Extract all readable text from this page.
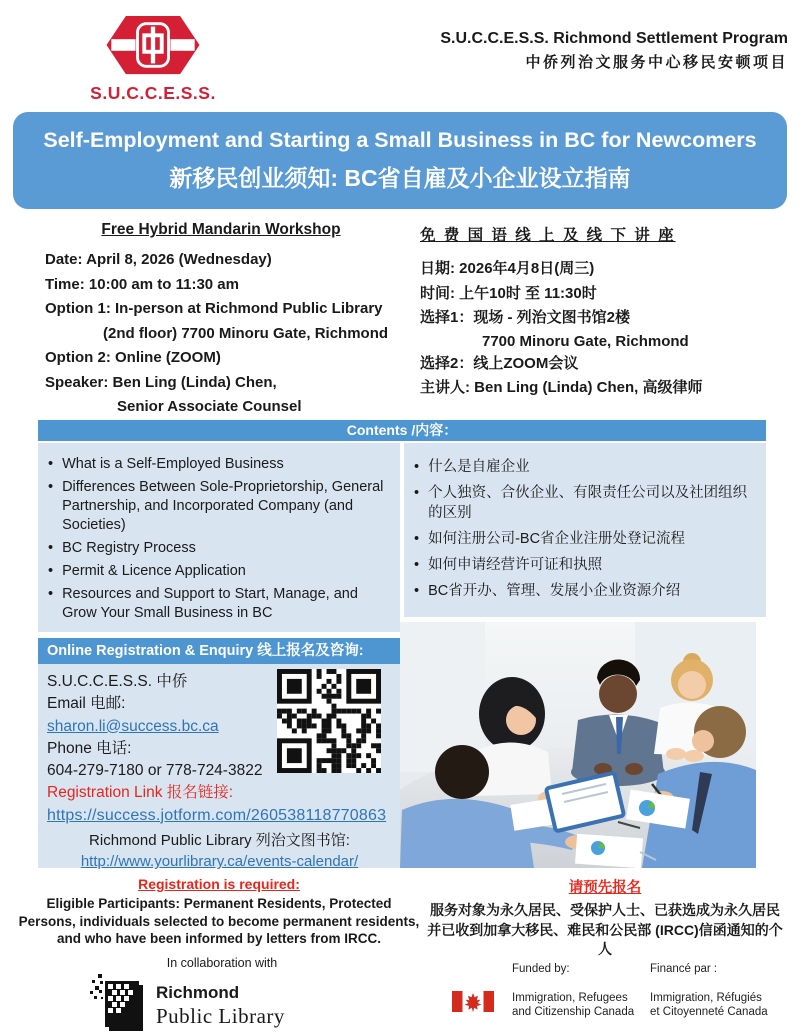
S.U.C.C.E.S.S.
S.U.C.C.E.S.S. Richmond Settlement Program
中侨列治文服务中心移民安顿项目
Self-Employment and Starting a Small Business in BC for Newcomers
新移民创业须知: BC省自雇及小企业设立指南
Free Hybrid Mandarin Workshop
Date: April 8, 2026 (Wednesday)
Time: 10:00 am to 11:30 am
Option 1: In-person at Richmond Public Library
(2nd floor) 7700 Minoru Gate, Richmond
Option 2: Online (ZOOM)
Speaker: Ben Ling (Linda) Chen,
Senior Associate Counsel
免 费 国 语 线 上 及 线 下 讲 座
日期: 2026年4月8日(周三)
时间: 上午10时 至 11:30时
选择1：现场 - 列治文图书馆2楼
7700 Minoru Gate, Richmond
选择2：线上ZOOM会议
主讲人: Ben Ling (Linda) Chen, 高级律师
Contents /内容：
• What is a Self-Employed Business
• Differences Between Sole-Proprietorship, General Partnership, and Incorporated Company (and Societies)
• BC Registry Process
• Permit & Licence Application
• Resources and Support to Start, Manage, and Grow Your Small Business in BC
• 什么是自雇企业
• 个人独资、合伙企业、有限责任公司以及社团组织的区别
• 如何注册公司-BC省企业注册处登记流程
• 如何申请经营许可证和执照
• BC省开办、管理、发展小企业资源介绍
Online Registration & Enquiry 线上报名及咨询:
S.U.C.C.E.S.S. 中侨
Email 电邮:
sharon.li@success.bc.ca
Phone 电话:
604-279-7180 or 778-724-3822
Registration Link 报名链接:
https://success.jotform.com/260538118770863
Richmond Public Library 列治文图书馆:
http://www.yourlibrary.ca/events-calendar/
Registration is required:
Eligible Participants: Permanent Residents, Protected Persons, individuals selected to become permanent residents, and who have been informed by letters from IRCC.
请预先报名
服务对象为永久居民、受保护人士、已获选成为永久居民并已收到加拿大移民、难民和公民部 (IRCC)信函通知的个人
In collaboration with
Richmond
Public Library
Funded by:	Financé par :
Immigration, Refugees
and Citizenship Canada
Immigration, Réfugiés
et Citoyenneté Canada
